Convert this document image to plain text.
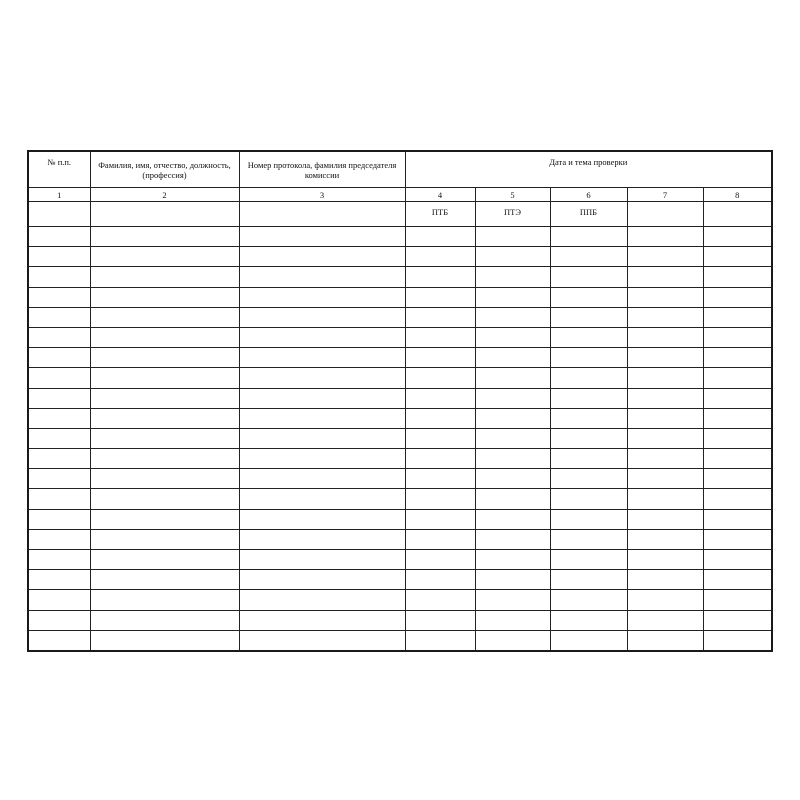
№ п.п.	Фамилия, имя, отчество, должность, (профессия)	Номер протокола, фамилия председателя комиссии	Дата и тема проверки				
1	2	3	4	5	6	7	8
			ПТБ	ПТЭ	ППБ		
